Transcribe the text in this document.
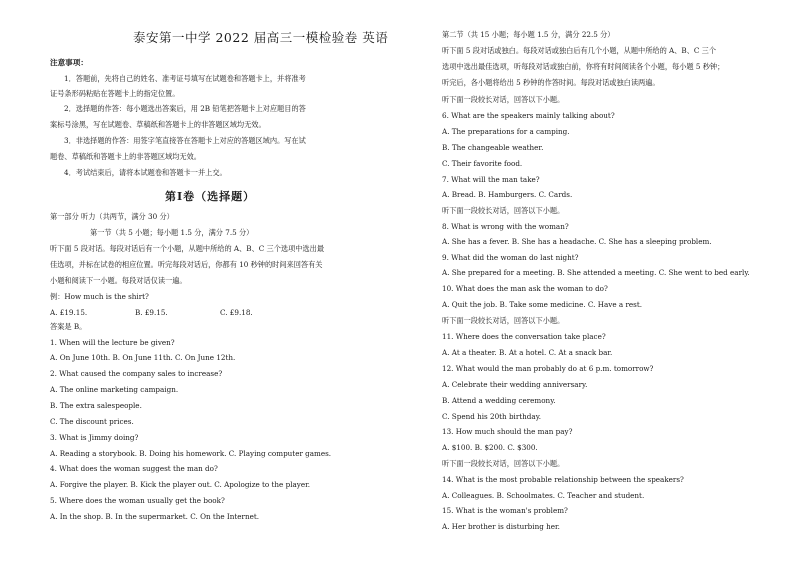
泰安第一中学 2022 届高三一模检验卷 英语
注意事项：
1．答题前，先将自己的姓名、准考证号填写在试题卷和答题卡上，并将准考
证号条形码粘贴在答题卡上的指定位置。
2．选择题的作答：每小题选出答案后，用 2B 铅笔把答题卡上对应题目的答
案标号涂黑，写在试题卷、草稿纸和答题卡上的非答题区域均无效。
3．非选择题的作答：用签字笔直接答在答题卡上对应的答题区域内。写在试
题卷、草稿纸和答题卡上的非答题区域均无效。
4．考试结束后，请将本试题卷和答题卡一并上交。
第Ⅰ卷（选择题）
第一部分 听力（共两节，满分 30 分）
第一节（共 5 小题；每小题 1.5 分，满分 7.5 分）
听下面 5 段对话。每段对话后有一个小题，从题中所给的 A、B、C 三个选项中选出最
佳选项，并标在试卷的相应位置。听完每段对话后，你都有 10 秒钟的时间来回答有关
小题和阅读下一小题。每段对话仅读一遍。
例：How much is the shirt?
A. £19.15.	B. £9.15.	C. £9.18.
答案是 B。
1. When will the lecture be given?
A. On June 10th. B. On June 11th. C. On June 12th.
2. What caused the company sales to increase?
A. The online marketing campaign.
B. The extra salespeople.
C. The discount prices.
3. What is Jimmy doing?
A. Reading a storybook. B. Doing his homework. C. Playing computer games.
4. What does the woman suggest the man do?
A. Forgive the player. B. Kick the player out. C. Apologize to the player.
5. Where does the woman usually get the book?
A. In the shop. B. In the supermarket. C. On the Internet.
第二节（共 15 小题；每小题 1.5 分，满分 22.5 分）
听下面 5 段对话或独白。每段对话或独白后有几个小题，从题中所给的 A、B、C 三个
选项中选出最佳选项，听每段对话或独白前，你将有时间阅读各个小题，每小题 5 秒钟；
听完后，各小题将给出 5 秒钟的作答时间。每段对话或独白读两遍。
听下面一段较长对话，回答以下小题。
6. What are the speakers mainly talking about?
A. The preparations for a camping.
B. The changeable weather.
C. Their favorite food.
7. What will the man take?
A. Bread. B. Hamburgers. C. Cards.
听下面一段较长对话，回答以下小题。
8. What is wrong with the woman?
A. She has a fever. B. She has a headache. C. She has a sleeping problem.
9. What did the woman do last night?
A. She prepared for a meeting. B. She attended a meeting. C. She went to bed early.
10. What does the man ask the woman to do?
A. Quit the job. B. Take some medicine. C. Have a rest.
听下面一段较长对话，回答以下小题。
11. Where does the conversation take place?
A. At a theater. B. At a hotel. C. At a snack bar.
12. What would the man probably do at 6 p.m. tomorrow?
A. Celebrate their wedding anniversary.
B. Attend a wedding ceremony.
C. Spend his 20th birthday.
13. How much should the man pay?
A. $100. B. $200. C. $300.
听下面一段较长对话，回答以下小题。
14. What is the most probable relationship between the speakers?
A. Colleagues. B. Schoolmates. C. Teacher and student.
15. What is the woman's problem?
A. Her brother is disturbing her.
